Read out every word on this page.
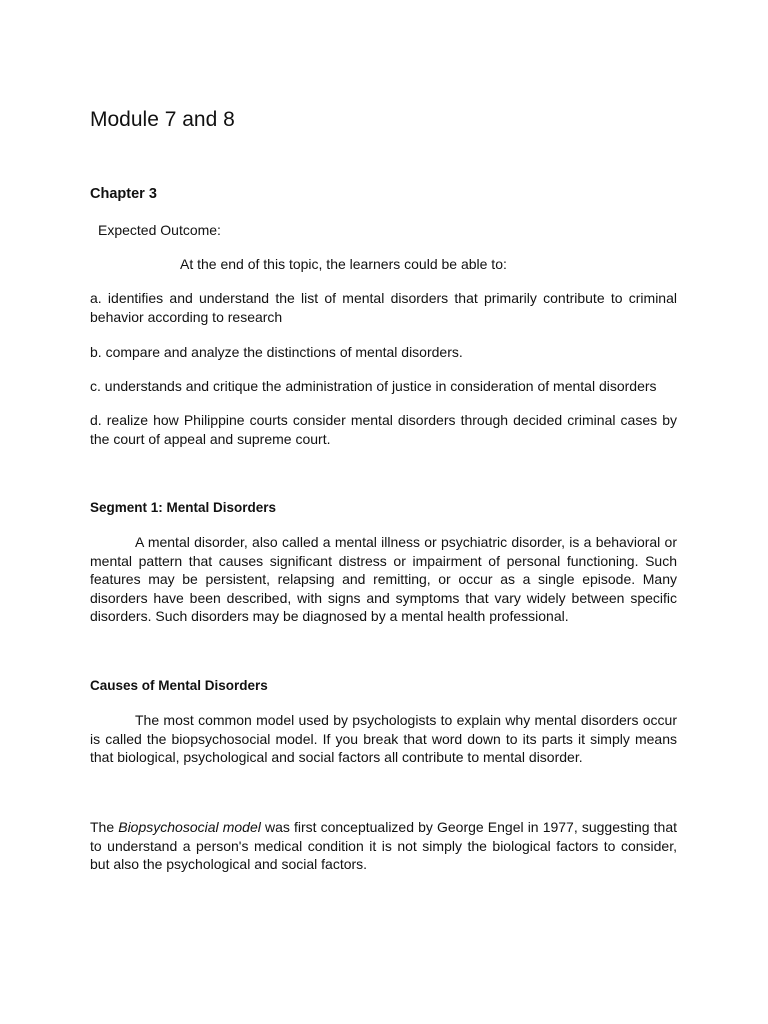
Module 7 and 8

Chapter 3

Expected Outcome:

At the end of this topic, the learners could be able to:

a. identifies and understand the list of mental disorders that primarily contribute to criminal behavior according to research

b. compare and analyze the distinctions of mental disorders.

c. understands and critique the administration of justice in consideration of mental disorders

d. realize how Philippine courts consider mental disorders through decided criminal cases by the court of appeal and supreme court.

Segment 1: Mental Disorders

A mental disorder, also called a mental illness or psychiatric disorder, is a behavioral or mental pattern that causes significant distress or impairment of personal functioning. Such features may be persistent, relapsing and remitting, or occur as a single episode. Many disorders have been described, with signs and symptoms that vary widely between specific disorders. Such disorders may be diagnosed by a mental health professional.

Causes of Mental Disorders

The most common model used by psychologists to explain why mental disorders occur is called the biopsychosocial model. If you break that word down to its parts it simply means that biological, psychological and social factors all contribute to mental disorder.

The Biopsychosocial model was first conceptualized by George Engel in 1977, suggesting that to understand a person's medical condition it is not simply the biological factors to consider, but also the psychological and social factors.
